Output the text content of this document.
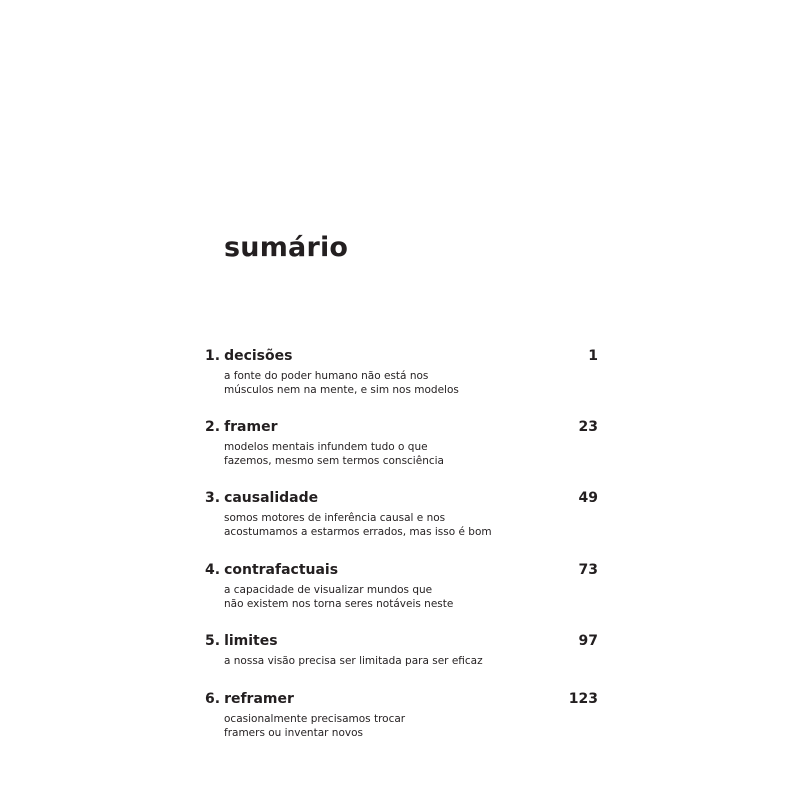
sumário
1. decisões	1
a fonte do poder humano não está nos
músculos nem na mente, e sim nos modelos
2. framer	23
modelos mentais infundem tudo o que
fazemos, mesmo sem termos consciência
3. causalidade	49
somos motores de inferência causal e nos
acostumamos a estarmos errados, mas isso é bom
4. contrafactuais	73
a capacidade de visualizar mundos que
não existem nos torna seres notáveis neste
5. limites	97
a nossa visão precisa ser limitada para ser eficaz
6. reframer	123
ocasionalmente precisamos trocar
framers ou inventar novos
